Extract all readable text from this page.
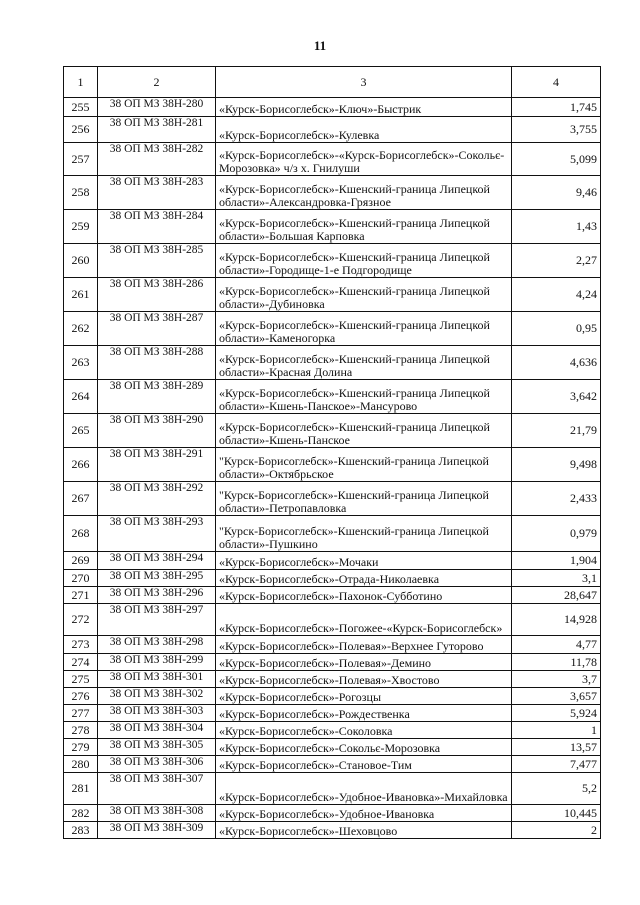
11
1	2	3	4
255	38 ОП МЗ 38Н-280	«Курск-Борисоглебск»-Ключ»-Быстрик	1,745
256	38 ОП МЗ 38Н-281	«Курск-Борисоглебск»-Кулевка	3,755
257	38 ОП МЗ 38Н-282	«Курск-Борисоглебск»-«Курск-Борисоглебск»-Сокольє-Морозовка» ч/з х. Гнилуши	5,099
258	38 ОП МЗ 38Н-283	«Курск-Борисоглебск»-Кшенский-граница Липецкой области»-Александровка-Грязное	9,46
259	38 ОП МЗ 38Н-284	«Курск-Борисоглебск»-Кшенский-граница Липецкой области»-Большая Карповка	1,43
260	38 ОП МЗ 38Н-285	«Курск-Борисоглебск»-Кшенский-граница Липецкой области»-Городище-1-е Подгородище	2,27
261	38 ОП МЗ 38Н-286	«Курск-Борисоглебск»-Кшенский-граница Липецкой области»-Дубиновка	4,24
262	38 ОП МЗ 38Н-287	«Курск-Борисоглебск»-Кшенский-граница Липецкой области»-Каменогорка	0,95
263	38 ОП МЗ 38Н-288	«Курск-Борисоглебск»-Кшенский-граница Липецкой области»-Красная Долина	4,636
264	38 ОП МЗ 38Н-289	«Курск-Борисоглебск»-Кшенский-граница Липецкой области»-Кшень-Панское»-Мансурово	3,642
265	38 ОП МЗ 38Н-290	«Курск-Борисоглебск»-Кшенский-граница Липецкой области»-Кшень-Панское	21,79
266	38 ОП МЗ 38Н-291	"Курск-Борисоглебск»-Кшенский-граница Липецкой области»-Октябрьское	9,498
267	38 ОП МЗ 38Н-292	"Курск-Борисоглебск»-Кшенский-граница Липецкой области»-Петропавловка	2,433
268	38 ОП МЗ 38Н-293	"Курск-Борисоглебск»-Кшенский-граница Липецкой области»-Пушкино	0,979
269	38 ОП МЗ 38Н-294	«Курск-Борисоглебск»-Мочаки	1,904
270	38 ОП МЗ 38Н-295	«Курск-Борисоглебск»-Отрада-Николаевка	3,1
271	38 ОП МЗ 38Н-296	«Курск-Борисоглебск»-Пахонок-Субботино	28,647
272	38 ОП МЗ 38Н-297	«Курск-Борисоглебск»-Погожее-«Курск-Борисоглебск»	14,928
273	38 ОП МЗ 38Н-298	«Курск-Борисоглебск»-Полевая»-Верхнее Гуторово	4,77
274	38 ОП МЗ 38Н-299	«Курск-Борисоглебск»-Полевая»-Демино	11,78
275	38 ОП МЗ 38Н-301	«Курск-Борисоглебск»-Полевая»-Хвостово	3,7
276	38 ОП МЗ 38Н-302	«Курск-Борисоглебск»-Рогозцы	3,657
277	38 ОП МЗ 38Н-303	«Курск-Борисоглебск»-Рождественка	5,924
278	38 ОП МЗ 38Н-304	«Курск-Борисоглебск»-Соколовка	1
279	38 ОП МЗ 38Н-305	«Курск-Борисоглебск»-Сокольє-Морозовка	13,57
280	38 ОП МЗ 38Н-306	«Курск-Борисоглебск»-Становое-Тим	7,477
281	38 ОП МЗ 38Н-307	«Курск-Борисоглебск»-Удобное-Ивановка»-Михайловка	5,2
282	38 ОП МЗ 38Н-308	«Курск-Борисоглебск»-Удобное-Ивановка	10,445
283	38 ОП МЗ 38Н-309	«Курск-Борисоглебск»-Шеховцово	2
